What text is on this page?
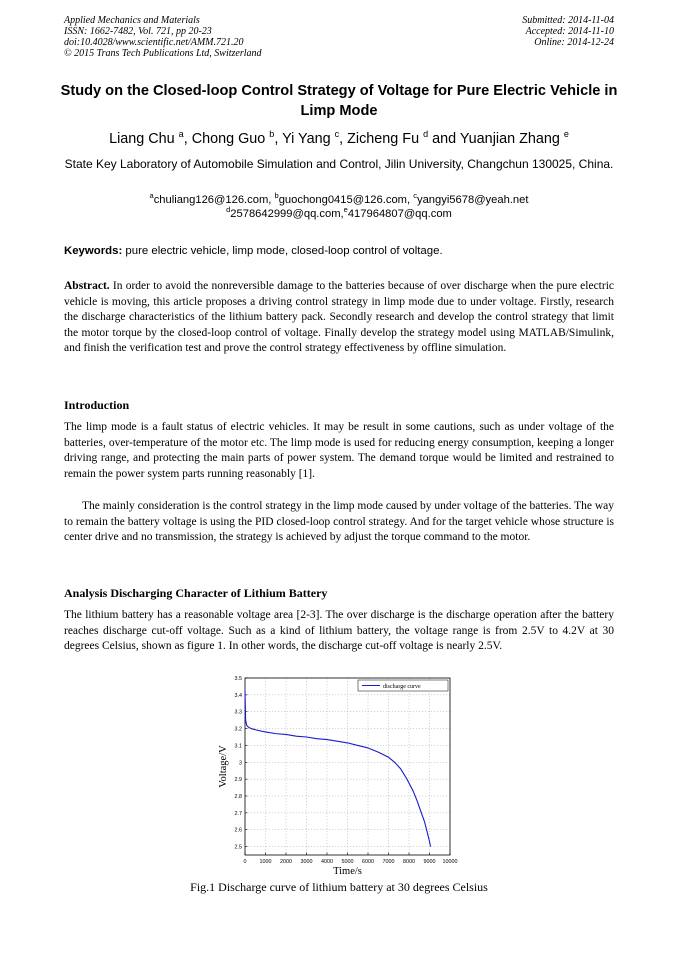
Applied Mechanics and Materials
ISSN: 1662-7482, Vol. 721, pp 20-23
doi:10.4028/www.scientific.net/AMM.721.20
© 2015 Trans Tech Publications Ltd, Switzerland
Submitted: 2014-11-04
Accepted: 2014-11-10
Online: 2014-12-24
Study on the Closed-loop Control Strategy of Voltage for Pure Electric Vehicle in Limp Mode
Liang Chu $^a$, Chong Guo $^b$, Yi Yang $^c$, Zicheng Fu $^d$ and Yuanjian Zhang $^e$
State Key Laboratory of Automobile Simulation and Control, Jilin University, Changchun 130025, China.
$^a$chuliang126@126.com, $^b$guochong0415@126.com, $^c$yangyi5678@yeah.net
$^d$2578642999@qq.com,$^e$417964807@qq.com
Keywords: pure electric vehicle, limp mode, closed-loop control of voltage.
Abstract. In order to avoid the nonreversible damage to the batteries because of over discharge when the pure electric vehicle is moving, this article proposes a driving control strategy in limp mode due to under voltage. Firstly, research the discharge characteristics of the lithium battery pack. Secondly research and develop the control strategy that limit the motor torque by the closed-loop control of voltage. Finally develop the strategy model using MATLAB/Simulink, and finish the verification test and prove the control strategy effectiveness by offline simulation.
Introduction
The limp mode is a fault status of electric vehicles. It may be result in some cautions, such as under voltage of the batteries, over-temperature of the motor etc. The limp mode is used for reducing energy consumption, keeping a longer driving range, and protecting the main parts of power system. The demand torque would be limited and restrained to remain the power system parts running reasonably [1].
The mainly consideration is the control strategy in the limp mode caused by under voltage of the batteries. The way to remain the battery voltage is using the PID closed-loop control strategy. And for the target vehicle whose structure is center drive and no transmission, the strategy is achieved by adjust the torque command to the motor.
Analysis Discharging Character of Lithium Battery
The lithium battery has a reasonable voltage area [2-3]. The over discharge is the discharge operation after the battery reaches discharge cut-off voltage. Such as a kind of lithium battery, the voltage range is from 2.5V to 4.2V at 30 degrees Celsius, shown as figure 1. In other words, the discharge cut-off voltage is nearly 2.5V.
0 1000 2000 3000 4000 5000 6000 7000 8000 9000 10000
2.5
2.6
2.7
2.8
2.9
3
3.1
3.2
3.3
3.4
3.5
Time/s
Voltage/V
discharge curve
Fig.1 Discharge curve of lithium battery at 30 degrees Celsius
